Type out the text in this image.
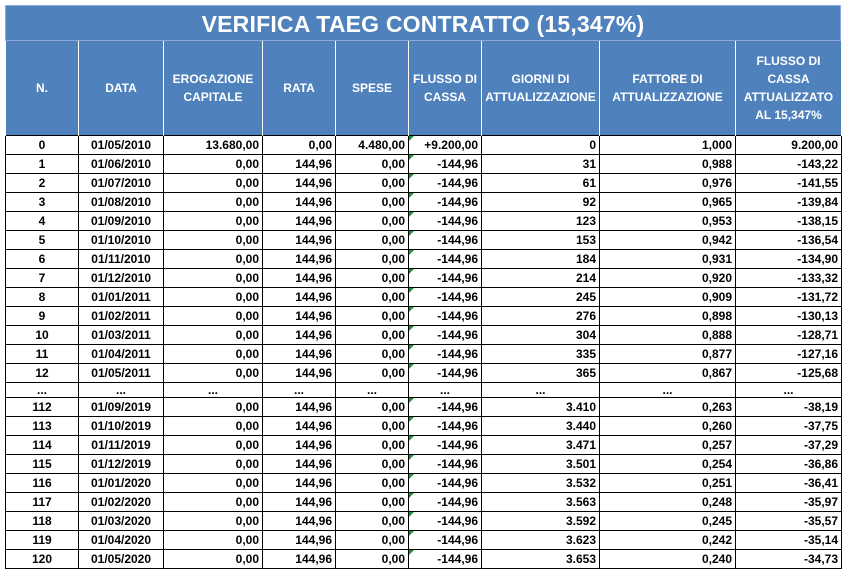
VERIFICA TAEG CONTRATTO (15,347%)
N.	DATA	EROGAZIONE CAPITALE	RATA	SPESE	FLUSSO DI CASSA	GIORNI DI ATTUALIZZAZIONE	FATTORE DI ATTUALIZZAZIONE	FLUSSO DI CASSA ATTUALIZZATO AL 15,347%
0	01/05/2010	13.680,00	0,00	4.480,00	+9.200,00	0	1,000	9.200,00
1	01/06/2010	0,00	144,96	0,00	-144,96	31	0,988	-143,22
2	01/07/2010	0,00	144,96	0,00	-144,96	61	0,976	-141,55
3	01/08/2010	0,00	144,96	0,00	-144,96	92	0,965	-139,84
4	01/09/2010	0,00	144,96	0,00	-144,96	123	0,953	-138,15
5	01/10/2010	0,00	144,96	0,00	-144,96	153	0,942	-136,54
6	01/11/2010	0,00	144,96	0,00	-144,96	184	0,931	-134,90
7	01/12/2010	0,00	144,96	0,00	-144,96	214	0,920	-133,32
8	01/01/2011	0,00	144,96	0,00	-144,96	245	0,909	-131,72
9	01/02/2011	0,00	144,96	0,00	-144,96	276	0,898	-130,13
10	01/03/2011	0,00	144,96	0,00	-144,96	304	0,888	-128,71
11	01/04/2011	0,00	144,96	0,00	-144,96	335	0,877	-127,16
12	01/05/2011	0,00	144,96	0,00	-144,96	365	0,867	-125,68
...	...	...	...	...	...	...	...	...
112	01/09/2019	0,00	144,96	0,00	-144,96	3.410	0,263	-38,19
113	01/10/2019	0,00	144,96	0,00	-144,96	3.440	0,260	-37,75
114	01/11/2019	0,00	144,96	0,00	-144,96	3.471	0,257	-37,29
115	01/12/2019	0,00	144,96	0,00	-144,96	3.501	0,254	-36,86
116	01/01/2020	0,00	144,96	0,00	-144,96	3.532	0,251	-36,41
117	01/02/2020	0,00	144,96	0,00	-144,96	3.563	0,248	-35,97
118	01/03/2020	0,00	144,96	0,00	-144,96	3.592	0,245	-35,57
119	01/04/2020	0,00	144,96	0,00	-144,96	3.623	0,242	-35,14
120	01/05/2020	0,00	144,96	0,00	-144,96	3.653	0,240	-34,73
